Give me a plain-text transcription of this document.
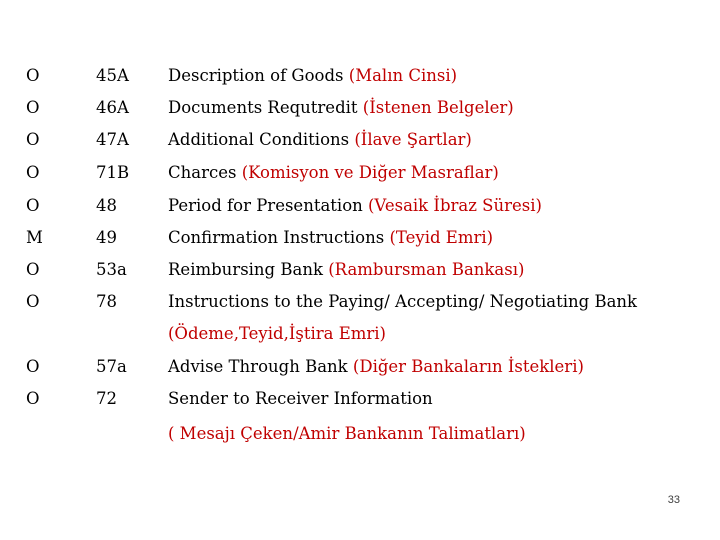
O	45A Description of Goods (Malın Cinsi)
O	46A Documents Requtredit (İstenen Belgeler)
O	47A Additional Conditions (İlave Şartlar)
O	71B Charces (Komisyon ve Diğer Masraflar)
O	48	Period for Presentation (Vesaik İbraz Süresi)
M	49	Confirmation Instructions (Teyid Emri)
O	53a Reimbursing Bank (Rambursman Bankası)
O	78	Instructions to the Paying/ Accepting/ Negotiating Bank
(Ödeme,Teyid,İştira Emri)
O	57a Advise Through Bank (Diğer Bankaların İstekleri)
O	72	Sender to Receiver Information
( Mesajı Çeken/Amir Bankanın Talimatları)
33
